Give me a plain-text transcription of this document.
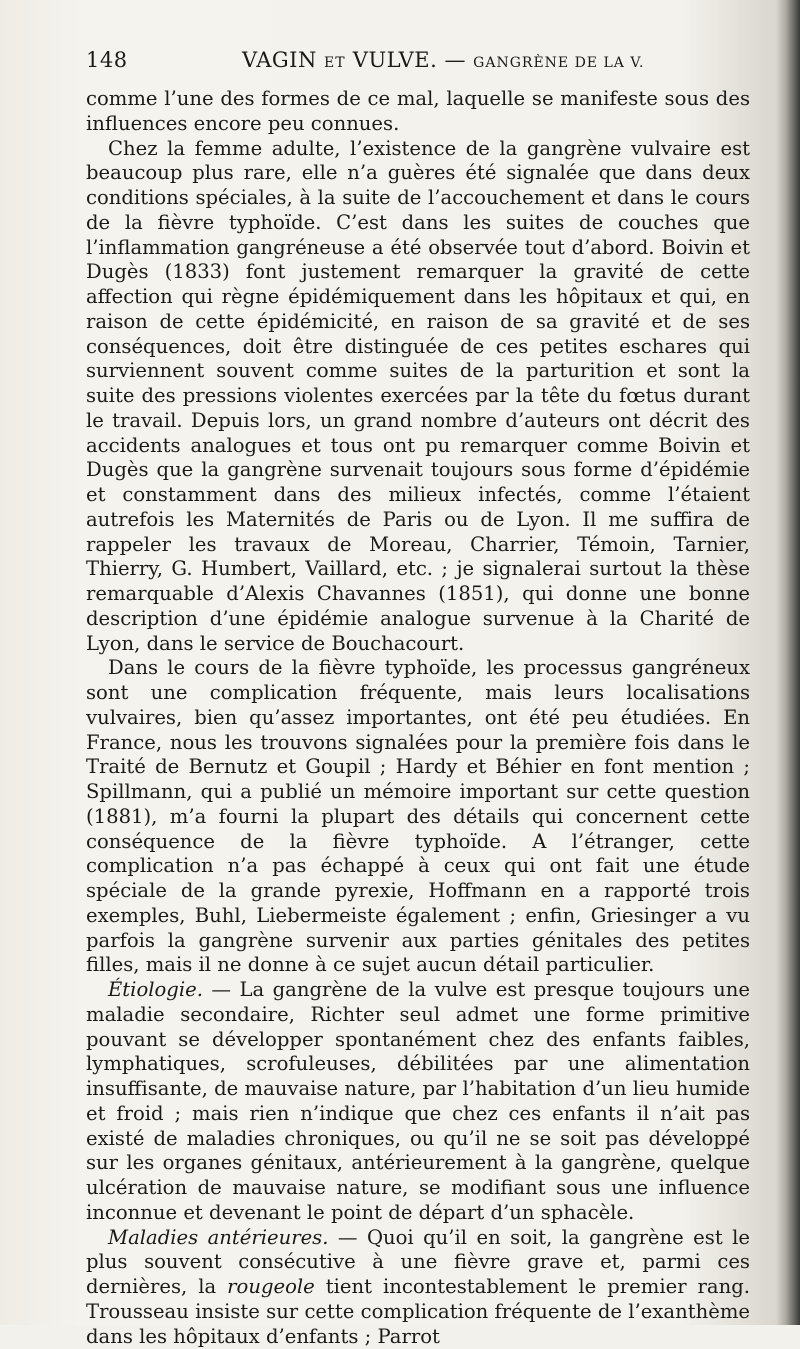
148	VAGIN ET VULVE. — GANGRÈNE DE LA V.

comme l’une des formes de ce mal, laquelle se manifeste sous des influences encore peu connues.

Chez la femme adulte, l’existence de la gangrène vulvaire est beaucoup plus rare, elle n’a guères été signalée que dans deux conditions spéciales, à la suite de l’accouchement et dans le cours de la fièvre typhoïde. C’est dans les suites de couches que l’inflammation gangréneuse a été observée tout d’abord. Boivin et Dugès (1833) font justement remarquer la gravité de cette affection qui règne épidémiquement dans les hôpitaux et qui, en raison de cette épidémicité, en raison de sa gravité et de ses conséquences, doit être distinguée de ces petites eschares qui surviennent souvent comme suites de la parturition et sont la suite des pressions violentes exercées par la tête du fœtus durant le travail. Depuis lors, un grand nombre d’auteurs ont décrit des accidents analogues et tous ont pu remarquer comme Boivin et Dugès que la gangrène survenait toujours sous forme d’épidémie et constamment dans des milieux infectés, comme l’étaient autrefois les Maternités de Paris ou de Lyon. Il me suffira de rappeler les travaux de Moreau, Charrier, Témoin, Tarnier, Thierry, G. Humbert, Vaillard, etc. ; je signalerai surtout la thèse remarquable d’Alexis Chavannes (1851), qui donne une bonne description d’une épidémie analogue survenue à la Charité de Lyon, dans le service de Bouchacourt.

Dans le cours de la fièvre typhoïde, les processus gangréneux sont une complication fréquente, mais leurs localisations vulvaires, bien qu’assez importantes, ont été peu étudiées. En France, nous les trouvons signalées pour la première fois dans le Traité de Bernutz et Goupil ; Hardy et Béhier en font mention ; Spillmann, qui a publié un mémoire important sur cette question (1881), m’a fourni la plupart des détails qui concernent cette conséquence de la fièvre typhoïde. A l’étranger, cette complication n’a pas échappé à ceux qui ont fait une étude spéciale de la grande pyrexie, Hoffmann en a rapporté trois exemples, Buhl, Liebermeiste également ; enfin, Griesinger a vu parfois la gangrène survenir aux parties génitales des petites filles, mais il ne donne à ce sujet aucun détail particulier.

Étiologie. — La gangrène de la vulve est presque toujours une maladie secondaire, Richter seul admet une forme primitive pouvant se développer spontanément chez des enfants faibles, lymphatiques, scrofuleuses, débilitées par une alimentation insuffisante, de mauvaise nature, par l’habitation d’un lieu humide et froid ; mais rien n’indique que chez ces enfants il n’ait pas existé de maladies chroniques, ou qu’il ne se soit pas développé sur les organes génitaux, antérieurement à la gangrène, quelque ulcération de mauvaise nature, se modifiant sous une influence inconnue et devenant le point de départ d’un sphacèle.

Maladies antérieures. — Quoi qu’il en soit, la gangrène est le plus souvent consécutive à une fièvre grave et, parmi ces dernières, la rougeole tient incontestablement le premier rang. Trousseau insiste sur cette complication fréquente de l’exanthème dans les hôpitaux d’enfants ; Parrot
